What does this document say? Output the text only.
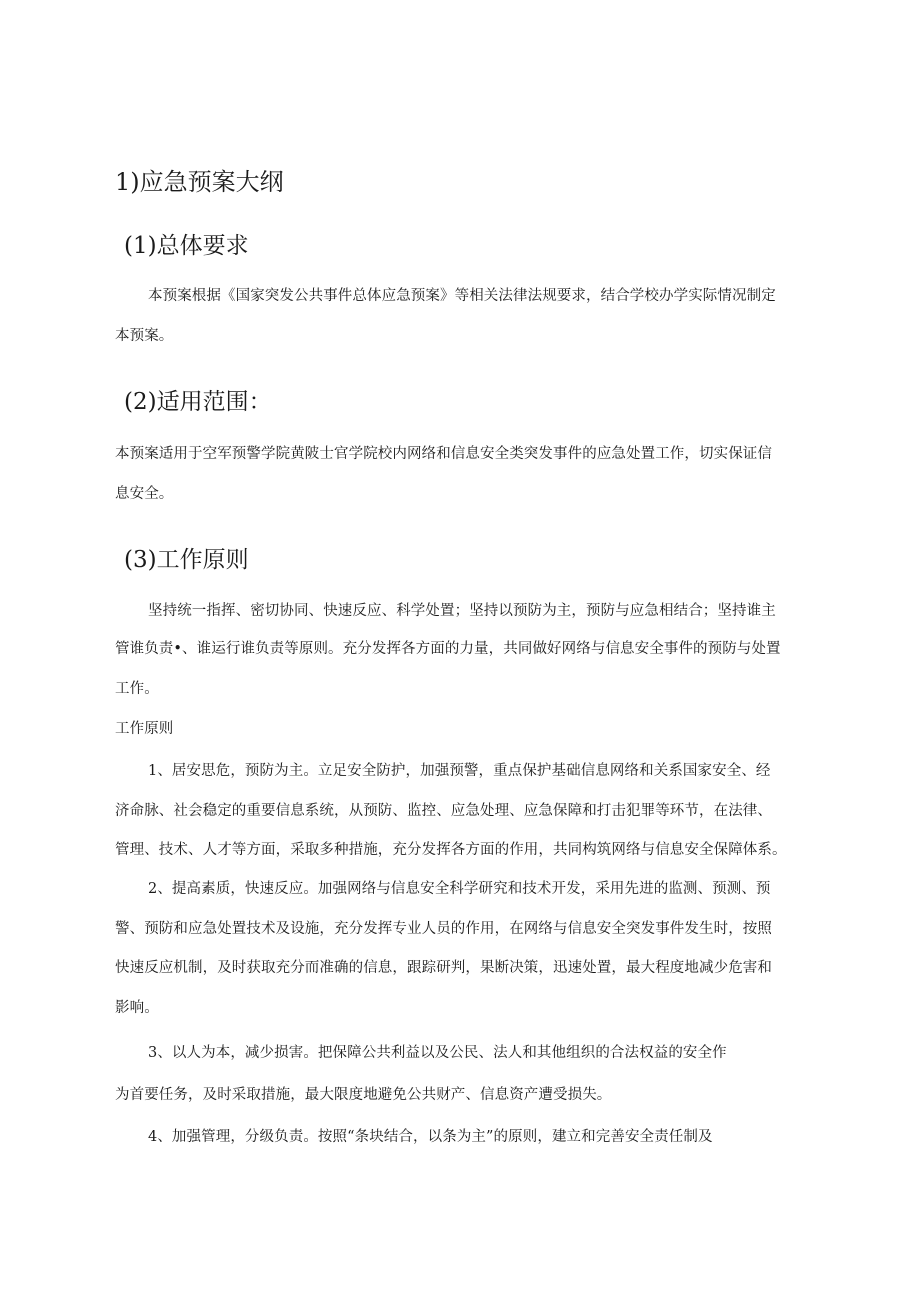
1)应急预案大纲
(1)总体要求

本预案根据《国家突发公共事件总体应急预案》等相关法律法规要求，结合学校办学实际情况制定

本预案。

(2)适用范围：

本预案适用于空军预警学院黄陂士官学院校内网络和信息安全类突发事件的应急处置工作，切实保证信

息安全。

(3)工作原则

坚持统一指挥、密切协同、快速反应、科学处置；坚持以预防为主，预防与应急相结合；坚持谁主

管谁负责•、谁运行谁负责等原则。充分发挥各方面的力量，共同做好网络与信息安全事件的预防与处置

工作。

工作原则

1、居安思危，预防为主。立足安全防护，加强预警，重点保护基础信息网络和关系国家安全、经

济命脉、社会稳定的重要信息系统，从预防、监控、应急处理、应急保障和打击犯罪等环节，在法律、

管理、技术、人才等方面，采取多种措施，充分发挥各方面的作用，共同构筑网络与信息安全保障体系。

2、提高素质，快速反应。加强网络与信息安全科学研究和技术开发，采用先进的监测、预测、预

警、预防和应急处置技术及设施，充分发挥专业人员的作用，在网络与信息安全突发事件发生时，按照

快速反应机制，及时获取充分而准确的信息，跟踪研判，果断决策，迅速处置，最大程度地减少危害和

影响。

3、以人为本，减少损害。把保障公共利益以及公民、法人和其他组织的合法权益的安全作

为首要任务，及时采取措施，最大限度地避免公共财产、信息资产遭受损失。

4、加强管理，分级负责。按照“条块结合，以条为主”的原则，建立和完善安全责任制及
